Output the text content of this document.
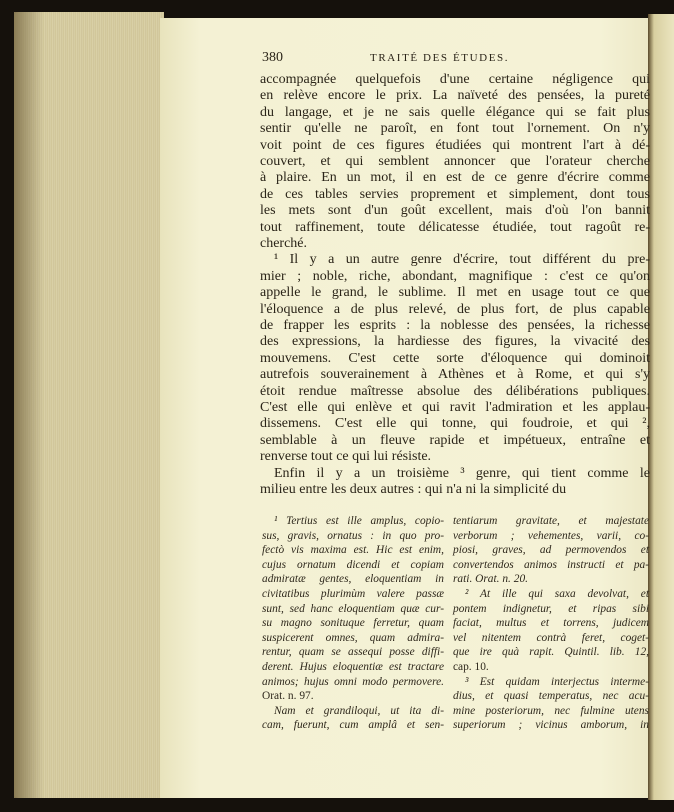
380	TRAITÉ DES ÉTUDES.
accompagnée quelquefois d'une certaine négligence qui
en relève encore le prix. La naïveté des pensées, la pureté
du langage, et je ne sais quelle élégance qui se fait plus
sentir qu'elle ne paroît, en font tout l'ornement. On n'y
voit point de ces figures étudiées qui montrent l'art à dé-
couvert, et qui semblent annoncer que l'orateur cherche
à plaire. En un mot, il en est de ce genre d'écrire comme
de ces tables servies proprement et simplement, dont tous
les mets sont d'un goût excellent, mais d'où l'on bannit
tout raffinement, toute délicatesse étudiée, tout ragoût re-
cherché.
¹ Il y a un autre genre d'écrire, tout différent du pre-
mier ; noble, riche, abondant, magnifique : c'est ce qu'on
appelle le grand, le sublime. Il met en usage tout ce que
l'éloquence a de plus relevé, de plus fort, de plus capable
de frapper les esprits : la noblesse des pensées, la richesse
des expressions, la hardiesse des figures, la vivacité des
mouvemens. C'est cette sorte d'éloquence qui dominoit
autrefois souverainement à Athènes et à Rome, et qui s'y
étoit rendue maîtresse absolue des délibérations publiques.
C'est elle qui enlève et qui ravit l'admiration et les applau-
dissemens. C'est elle qui tonne, qui foudroie, et qui ²,
semblable à un fleuve rapide et impétueux, entraîne et
renverse tout ce qui lui résiste.
Enfin il y a un troisième ³ genre, qui tient comme le
milieu entre les deux autres : qui n'a ni la simplicité du
¹ Tertius est ille amplus, copio-
sus, gravis, ornatus : in quo pro-
fectò vis maxima est. Hic est enim,
cujus ornatum dicendi et copiam
admiratæ gentes, eloquentiam in
civitatibus plurimùm valere passæ
sunt, sed hanc eloquentiam quæ cur-
su magno sonituque ferretur, quam
suspicerent omnes, quam admira-
rentur, quam se assequi posse diffi-
derent. Hujus eloquentiæ est tractare
animos; hujus omni modo permovere.
Orat. n. 97.
Nam et grandiloqui, ut ita di-
cam, fuerunt, cum amplâ et sen-
tentiarum gravitate, et majestate
verborum ; vehementes, varii, co-
piosi, graves, ad permovendos et
convertendos animos instructi et pa-
rati. Orat. n. 20.
² At ille qui saxa devolvat, et
pontem indignetur, et ripas sibi
faciat, multus et torrens, judicem
vel nitentem contrà feret, coget-
que ire quà rapit. Quintil. lib. 12,
cap. 10.
³ Est quidam interjectus interme-
dius, et quasi temperatus, nec acu-
mine posteriorum, nec fulmine utens
superiorum ; vicinus amborum, in
